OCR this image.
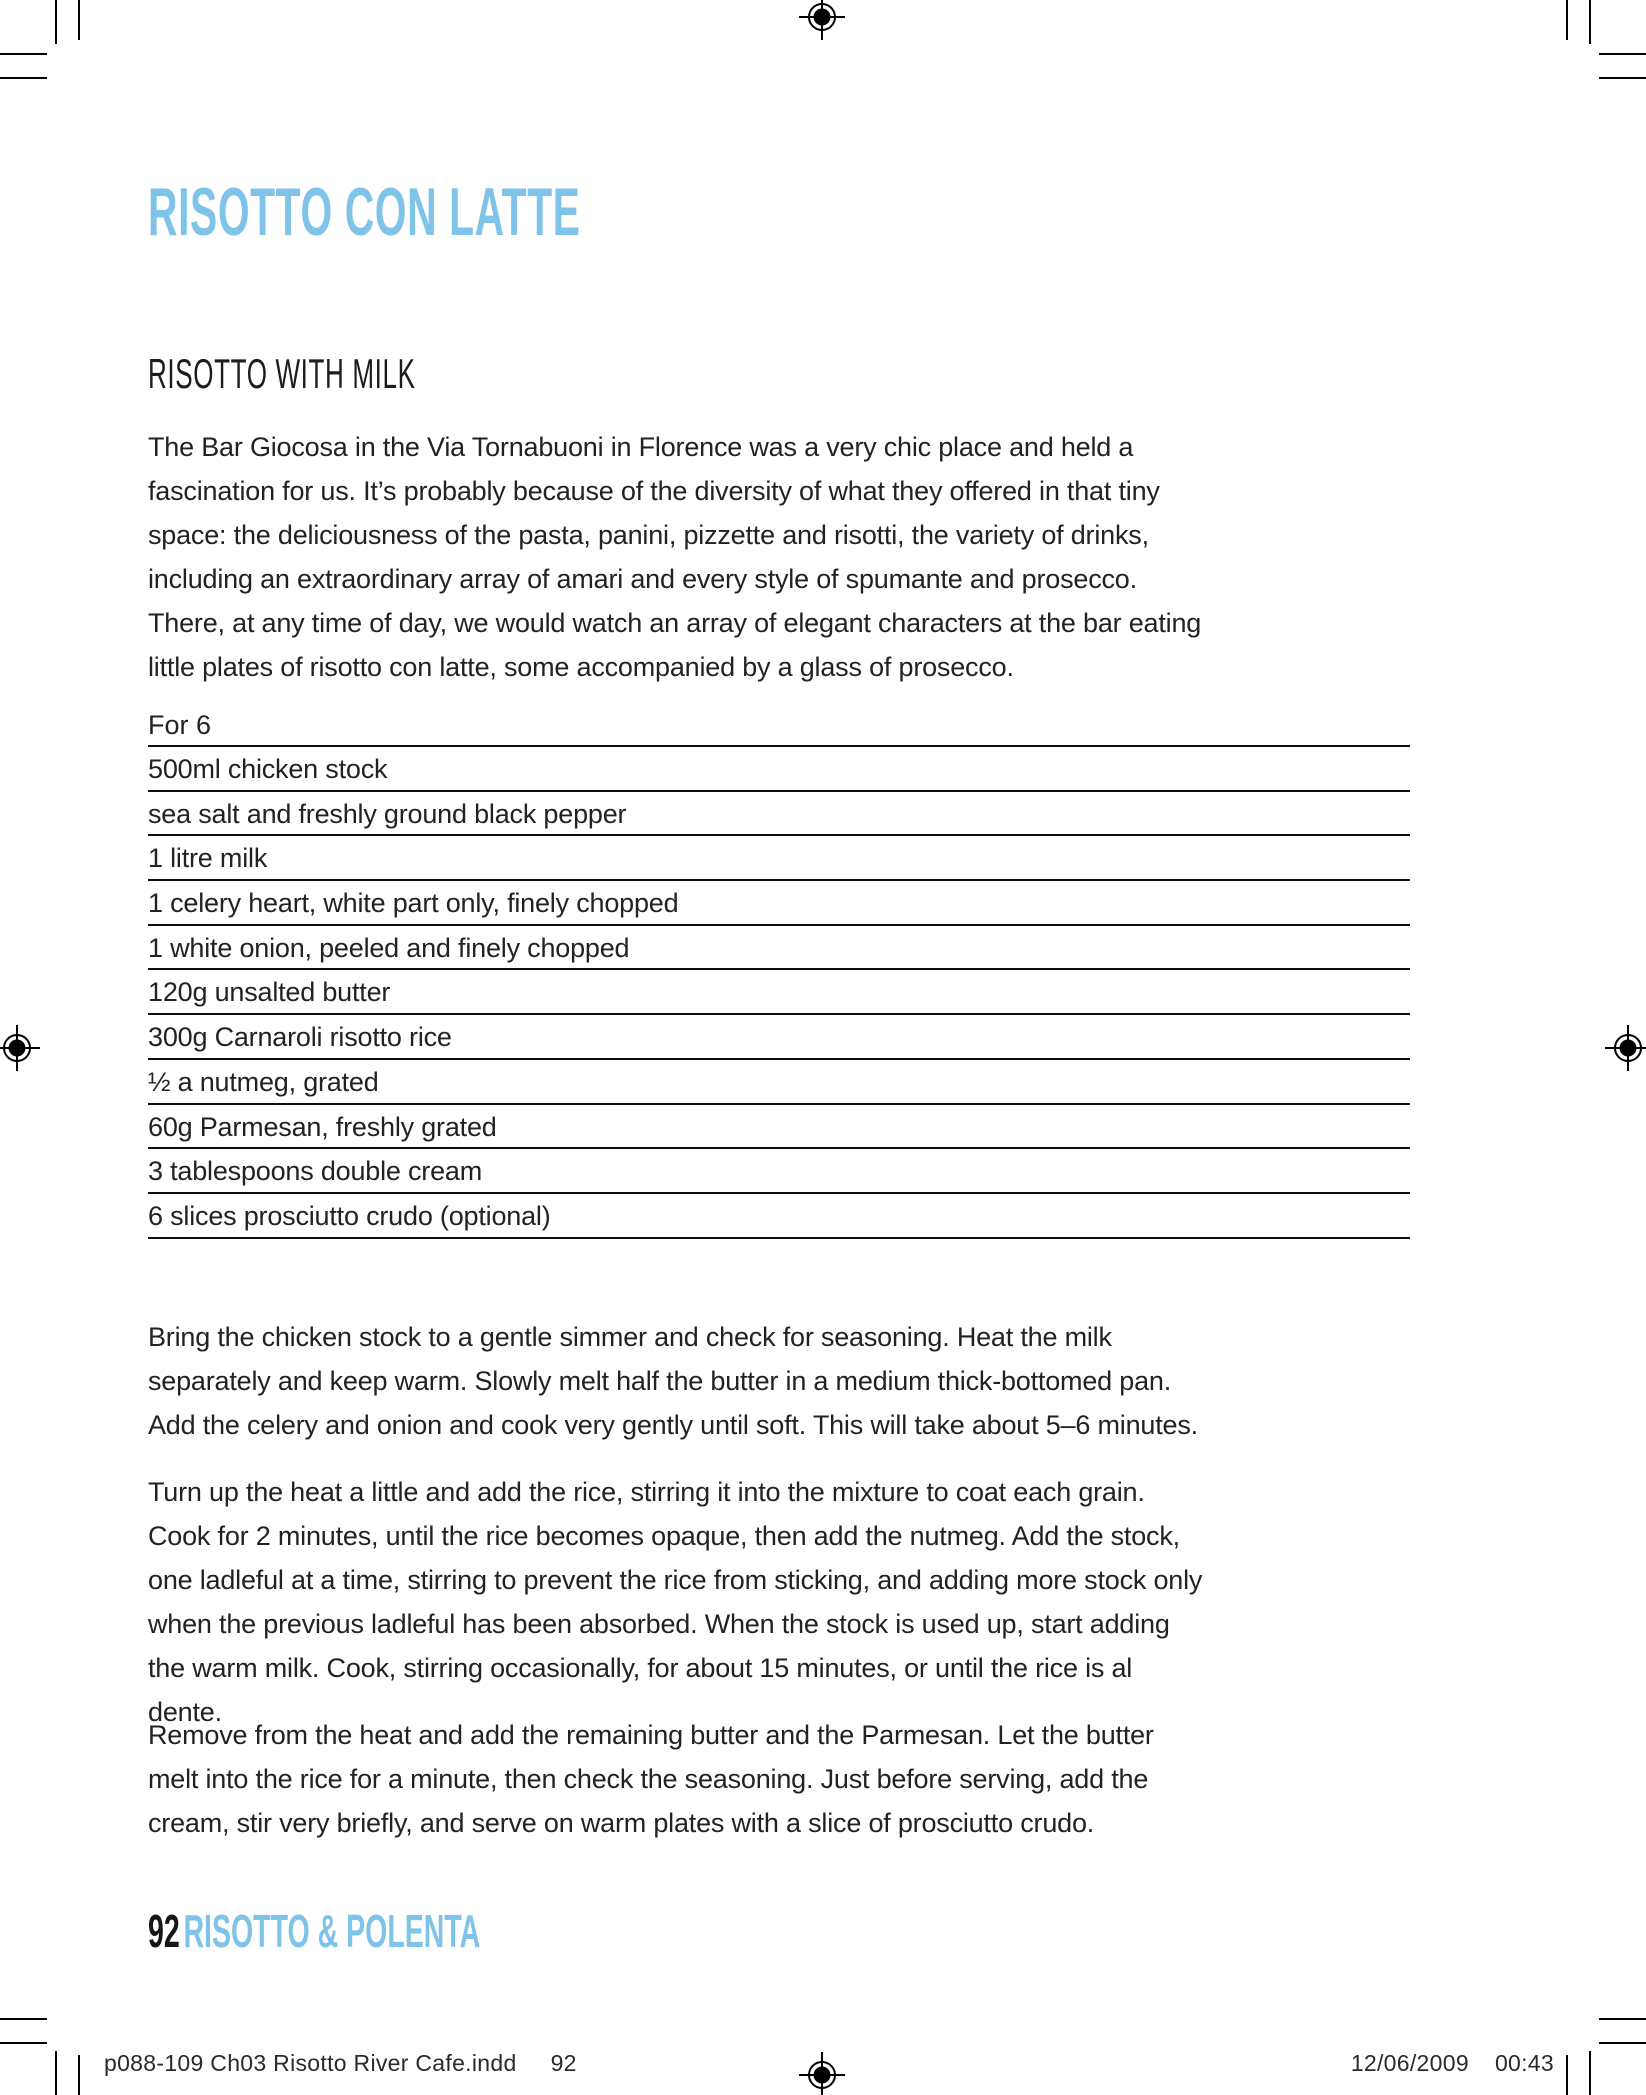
RISOTTO CON LATTE
RISOTTO WITH MILK

The Bar Giocosa in the Via Tornabuoni in Florence was a very chic place and held a fascination for us. It’s probably because of the diversity of what they offered in that tiny space: the deliciousness of the pasta, panini, pizzette and risotti, the variety of drinks, including an extraordinary array of amari and every style of spumante and prosecco. There, at any time of day, we would watch an array of elegant characters at the bar eating little plates of risotto con latte, some accompanied by a glass of prosecco.

For 6
500ml chicken stock
sea salt and freshly ground black pepper
1 litre milk
1 celery heart, white part only, finely chopped
1 white onion, peeled and finely chopped
120g unsalted butter
300g Carnaroli risotto rice
½ a nutmeg, grated
60g Parmesan, freshly grated
3 tablespoons double cream
6 slices prosciutto crudo (optional)

Bring the chicken stock to a gentle simmer and check for seasoning. Heat the milk separately and keep warm. Slowly melt half the butter in a medium thick-bottomed pan. Add the celery and onion and cook very gently until soft. This will take about 5–6 minutes.

Turn up the heat a little and add the rice, stirring it into the mixture to coat each grain. Cook for 2 minutes, until the rice becomes opaque, then add the nutmeg. Add the stock, one ladleful at a time, stirring to prevent the rice from sticking, and adding more stock only when the previous ladleful has been absorbed. When the stock is used up, start adding the warm milk. Cook, stirring occasionally, for about 15 minutes, or until the rice is al dente.

Remove from the heat and add the remaining butter and the Parmesan. Let the butter melt into the rice for a minute, then check the seasoning. Just before serving, add the cream, stir very briefly, and serve on warm plates with a slice of prosciutto crudo.

92RISOTTO & POLENTA
p088-109 Ch03 Risotto River Cafe.indd 92	12/06/2009 00:43
